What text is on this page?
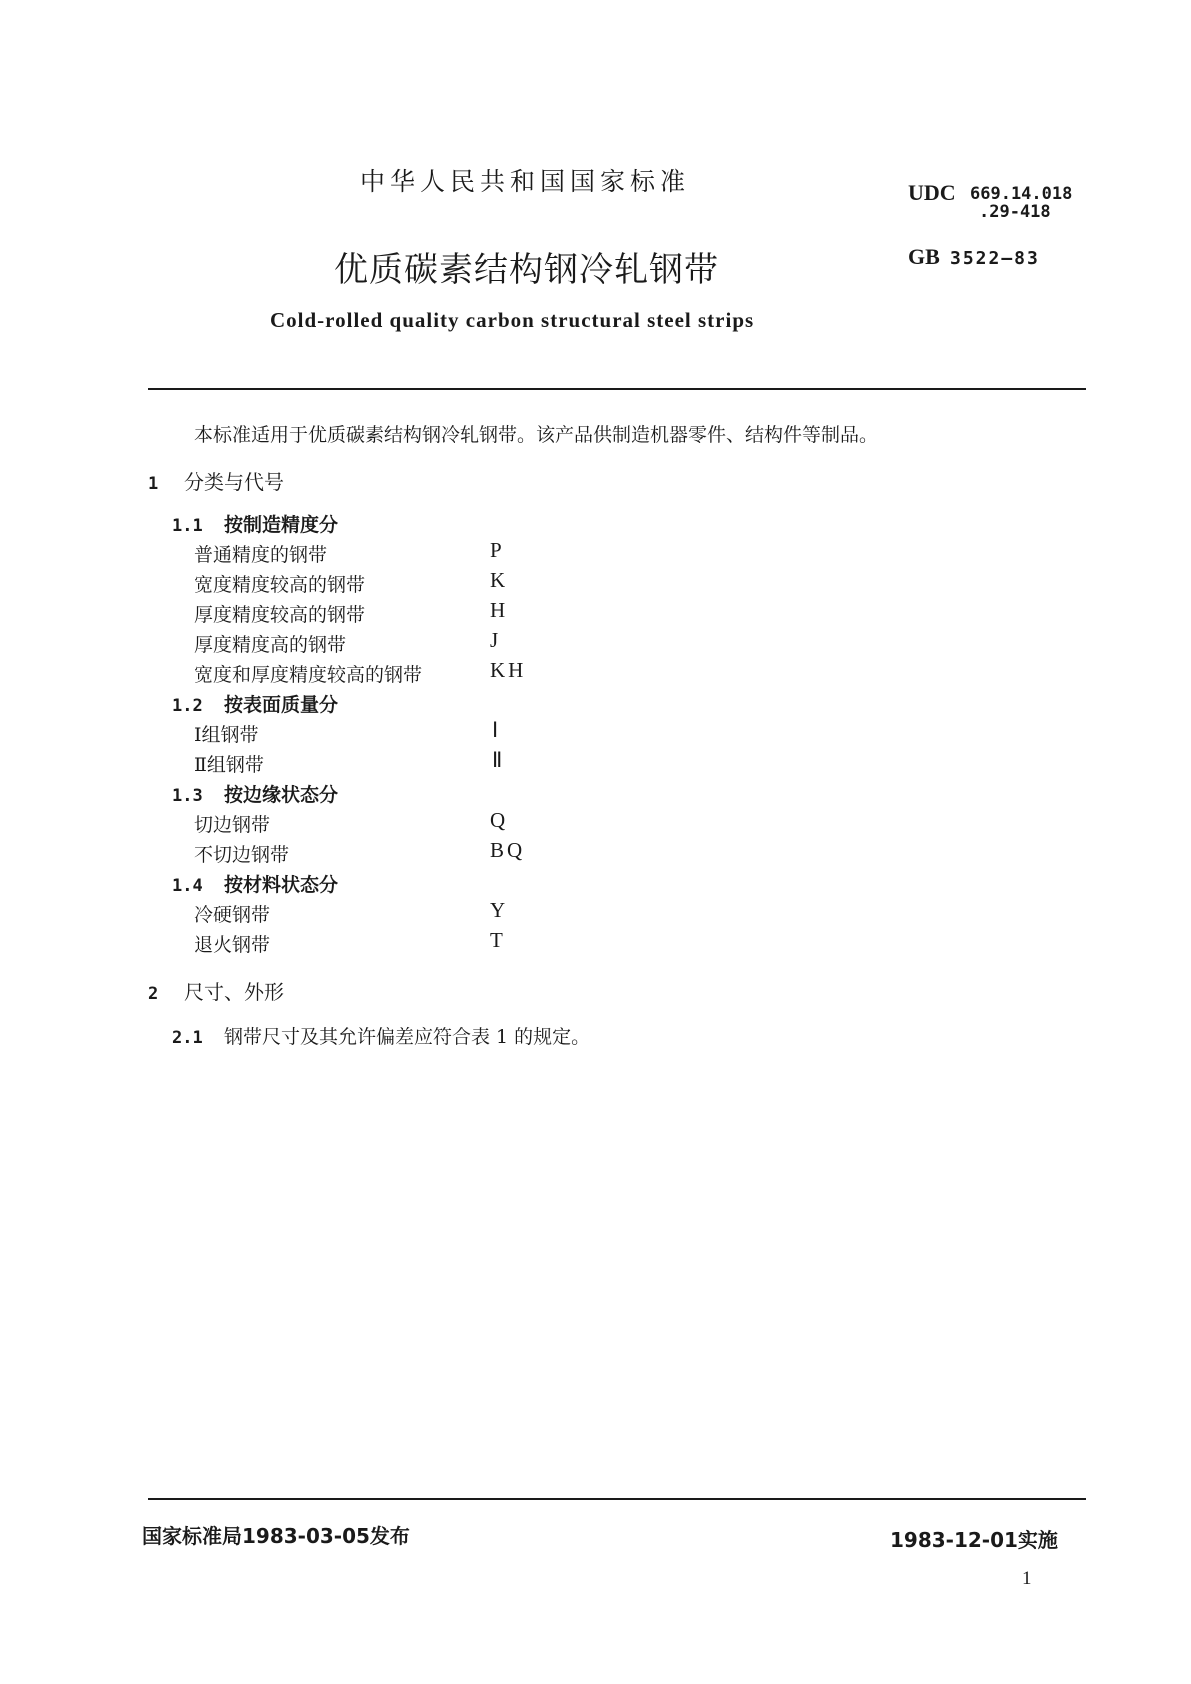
中华人民共和国国家标准	UDC 669.14.018
.29-418
优质碳素结构钢冷轧钢带	GB 3522—83
Cold-rolled quality carbon structural steel strips
本标准适用于优质碳素结构钢冷轧钢带。该产品供制造机器零件、结构件等制品。
1 分类与代号
1.1 按制造精度分
普通精度的钢带	P
宽度精度较高的钢带	K
厚度精度较高的钢带	H
厚度精度高的钢带	J
宽度和厚度精度较高的钢带	KH
1.2 按表面质量分
Ⅰ组钢带	Ⅰ
Ⅱ组钢带	Ⅱ
1.3 按边缘状态分
切边钢带	Q
不切边钢带	BQ
1.4 按材料状态分
冷硬钢带	Y
退火钢带	T
2 尺寸、外形
2.1 钢带尺寸及其允许偏差应符合表 1 的规定。
国家标准局1983-03-05发布	1983-12-01实施
1
